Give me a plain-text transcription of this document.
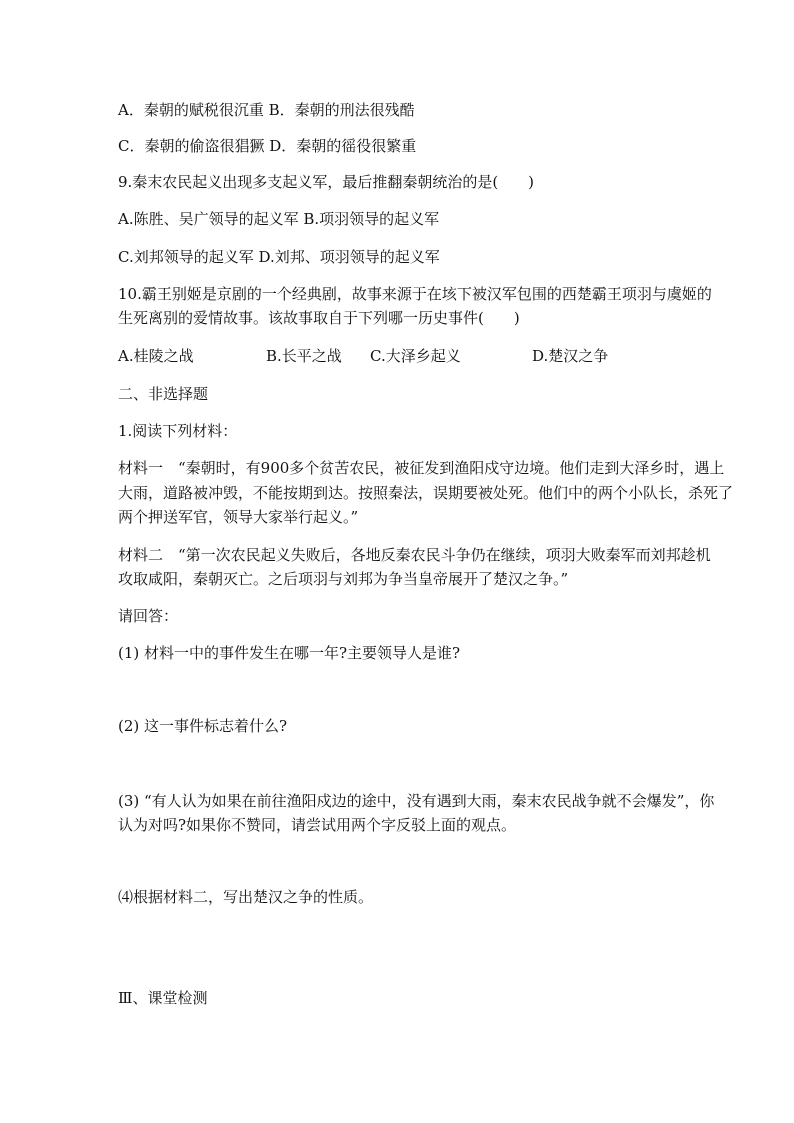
A．秦朝的赋税很沉重 B．秦朝的刑法很残酷

C．秦朝的偷盗很猖獗 D．秦朝的徭役很繁重

9.秦末农民起义出现多支起义军，最后推翻秦朝统治的是(　　)

A.陈胜、吴广领导的起义军 B.项羽领导的起义军

C.刘邦领导的起义军 D.刘邦、项羽领导的起义军

10.霸王别姬是京剧的一个经典剧，故事来源于在垓下被汉军包围的西楚霸王项羽与虞姬的

生死离别的爱情故事。该故事取自于下列哪一历史事件(　　)

A.桂陵之战	B.长平之战 C.大泽乡起义	D.楚汉之争

二、非选择题

1.阅读下列材料：

材料一　“秦朝时，有900多个贫苦农民，被征发到渔阳戍守边境。他们走到大泽乡时，遇上

大雨，道路被冲毁，不能按期到达。按照秦法，误期要被处死。他们中的两个小队长，杀死了

两个押送军官，领导大家举行起义。”

材料二　“第一次农民起义失败后，各地反秦农民斗争仍在继续，项羽大败秦军而刘邦趁机

攻取咸阳，秦朝灭亡。之后项羽与刘邦为争当皇帝展开了楚汉之争。”

请回答：

(1) 材料一中的事件发生在哪一年?主要领导人是谁?

(2) 这一事件标志着什么?

(3) “有人认为如果在前往渔阳戍边的途中，没有遇到大雨，秦末农民战争就不会爆发”，你

认为对吗?如果你不赞同，请尝试用两个字反驳上面的观点。

⑷根据材料二，写出楚汉之争的性质。

Ⅲ、课堂检测
